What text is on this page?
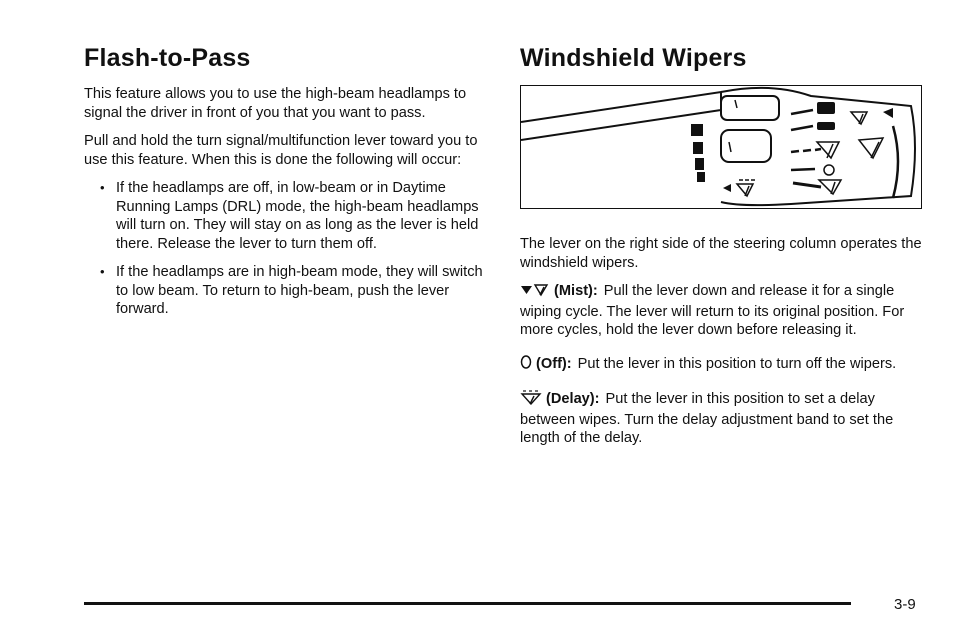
Flash-to-Pass

This feature allows you to use the high-beam headlamps to signal the driver in front of you that you want to pass.

Pull and hold the turn signal/multifunction lever toward you to use this feature. When this is done the following will occur:

• If the headlamps are off, in low-beam or in Daytime Running Lamps (DRL) mode, the high-beam headlamps will turn on. They will stay on as long as the lever is held there. Release the lever to turn them off.
• If the headlamps are in high-beam mode, they will switch to low beam. To return to high-beam, push the lever forward.
Windshield Wipers

The lever on the right side of the steering column operates the windshield wipers.

(Mist): Pull the lever down and release it for a single wiping cycle. The lever will return to its original position. For more cycles, hold the lever down before releasing it.

(Off): Put the lever in this position to turn off the wipers.

(Delay): Put the lever in this position to set a delay between wipes. Turn the delay adjustment band to set the length of the delay.

3-9
